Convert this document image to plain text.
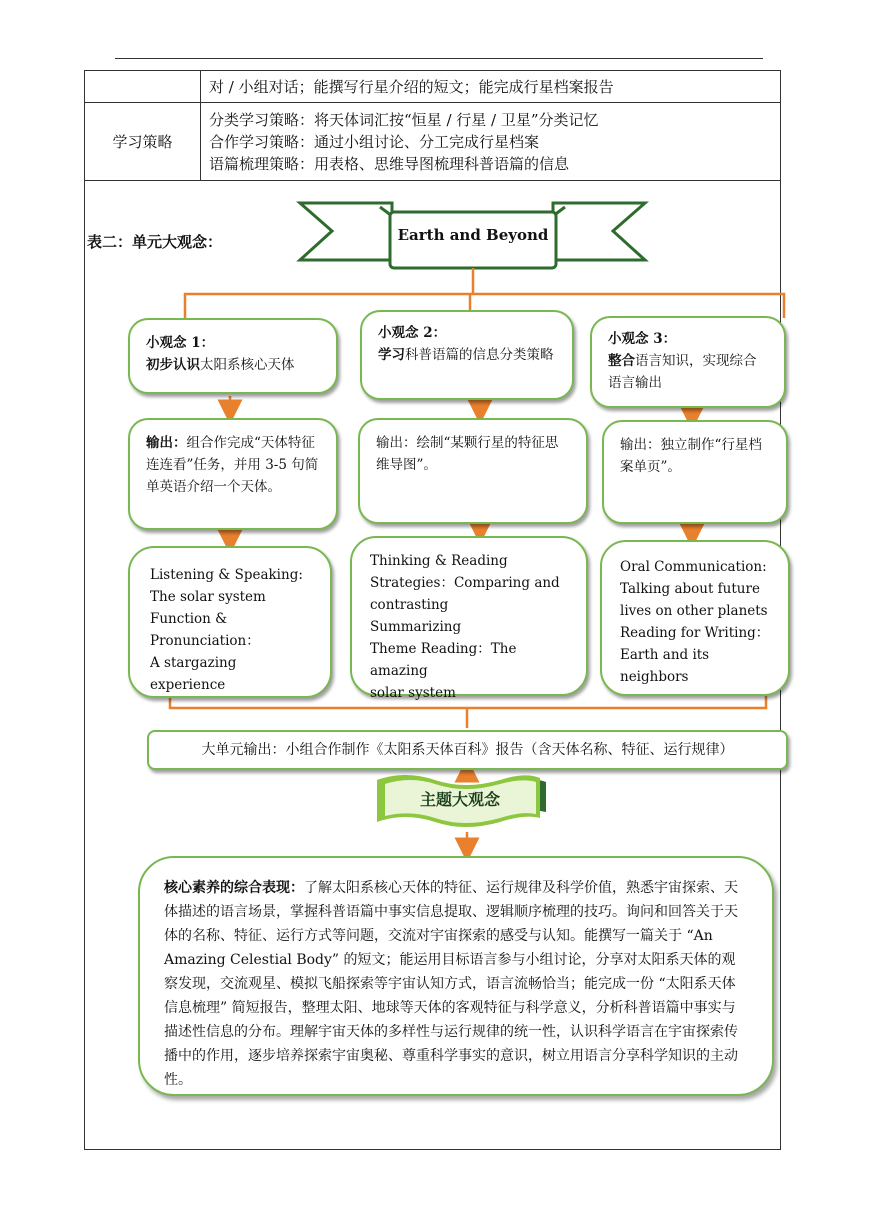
	对 / 小组对话；能撰写行星介绍的短文；能完成行星档案报告
学习策略	分类学习策略：将天体词汇按“恒星 / 行星 / 卫星”分类记忆
合作学习策略：通过小组讨论、分工完成行星档案
语篇梳理策略：用表格、思维导图梳理科普语篇的信息
表二：单元大观念：	Earth and Beyond

小观念 1：

初步认识太阳系核心天体

小观念 2：

学习科普语篇的信息分类策略

小观念 3：

整合语言知识，实现综合语言输出

输出：组合作完成“天体特征连连看”任务，并用 3-5 句简单英语介绍一个天体。

输出：绘制“某颗行星的特征思维导图”。

输出：独立制作“行星档案单页”。

Listening & Speaking:

The solar system

Function &

Pronunciation：

A stargazing experience

Thinking & Reading

Strategies：Comparing and

contrasting

Summarizing

Theme Reading：The amazing

solar system

Oral Communication:

Talking about future

lives on other planets

Reading for Writing：

Earth and its neighbors

大单元输出：小组合作制作《太阳系天体百科》报告（含天体名称、特征、运行规律）
主题大观念
核心素养的综合表现：了解太阳系核心天体的特征、运行规律及科学价值，熟悉宇宙探索、天体描述的语言场景，掌握科普语篇中事实信息提取、逻辑顺序梳理的技巧。询问和回答关于天体的名称、特征、运行方式等问题，交流对宇宙探索的感受与认知。能撰写一篇关于 “An Amazing Celestial Body” 的短文；能运用目标语言参与小组讨论，分享对太阳系天体的观察发现，交流观星、模拟飞船探索等宇宙认知方式，语言流畅恰当；能完成一份 “太阳系天体信息梳理” 简短报告，整理太阳、地球等天体的客观特征与科学意义，分析科普语篇中事实与描述性信息的分布。理解宇宙天体的多样性与运行规律的统一性，认识科学语言在宇宙探索传播中的作用，逐步培养探索宇宙奥秘、尊重科学事实的意识，树立用语言分享科学知识的主动性。
